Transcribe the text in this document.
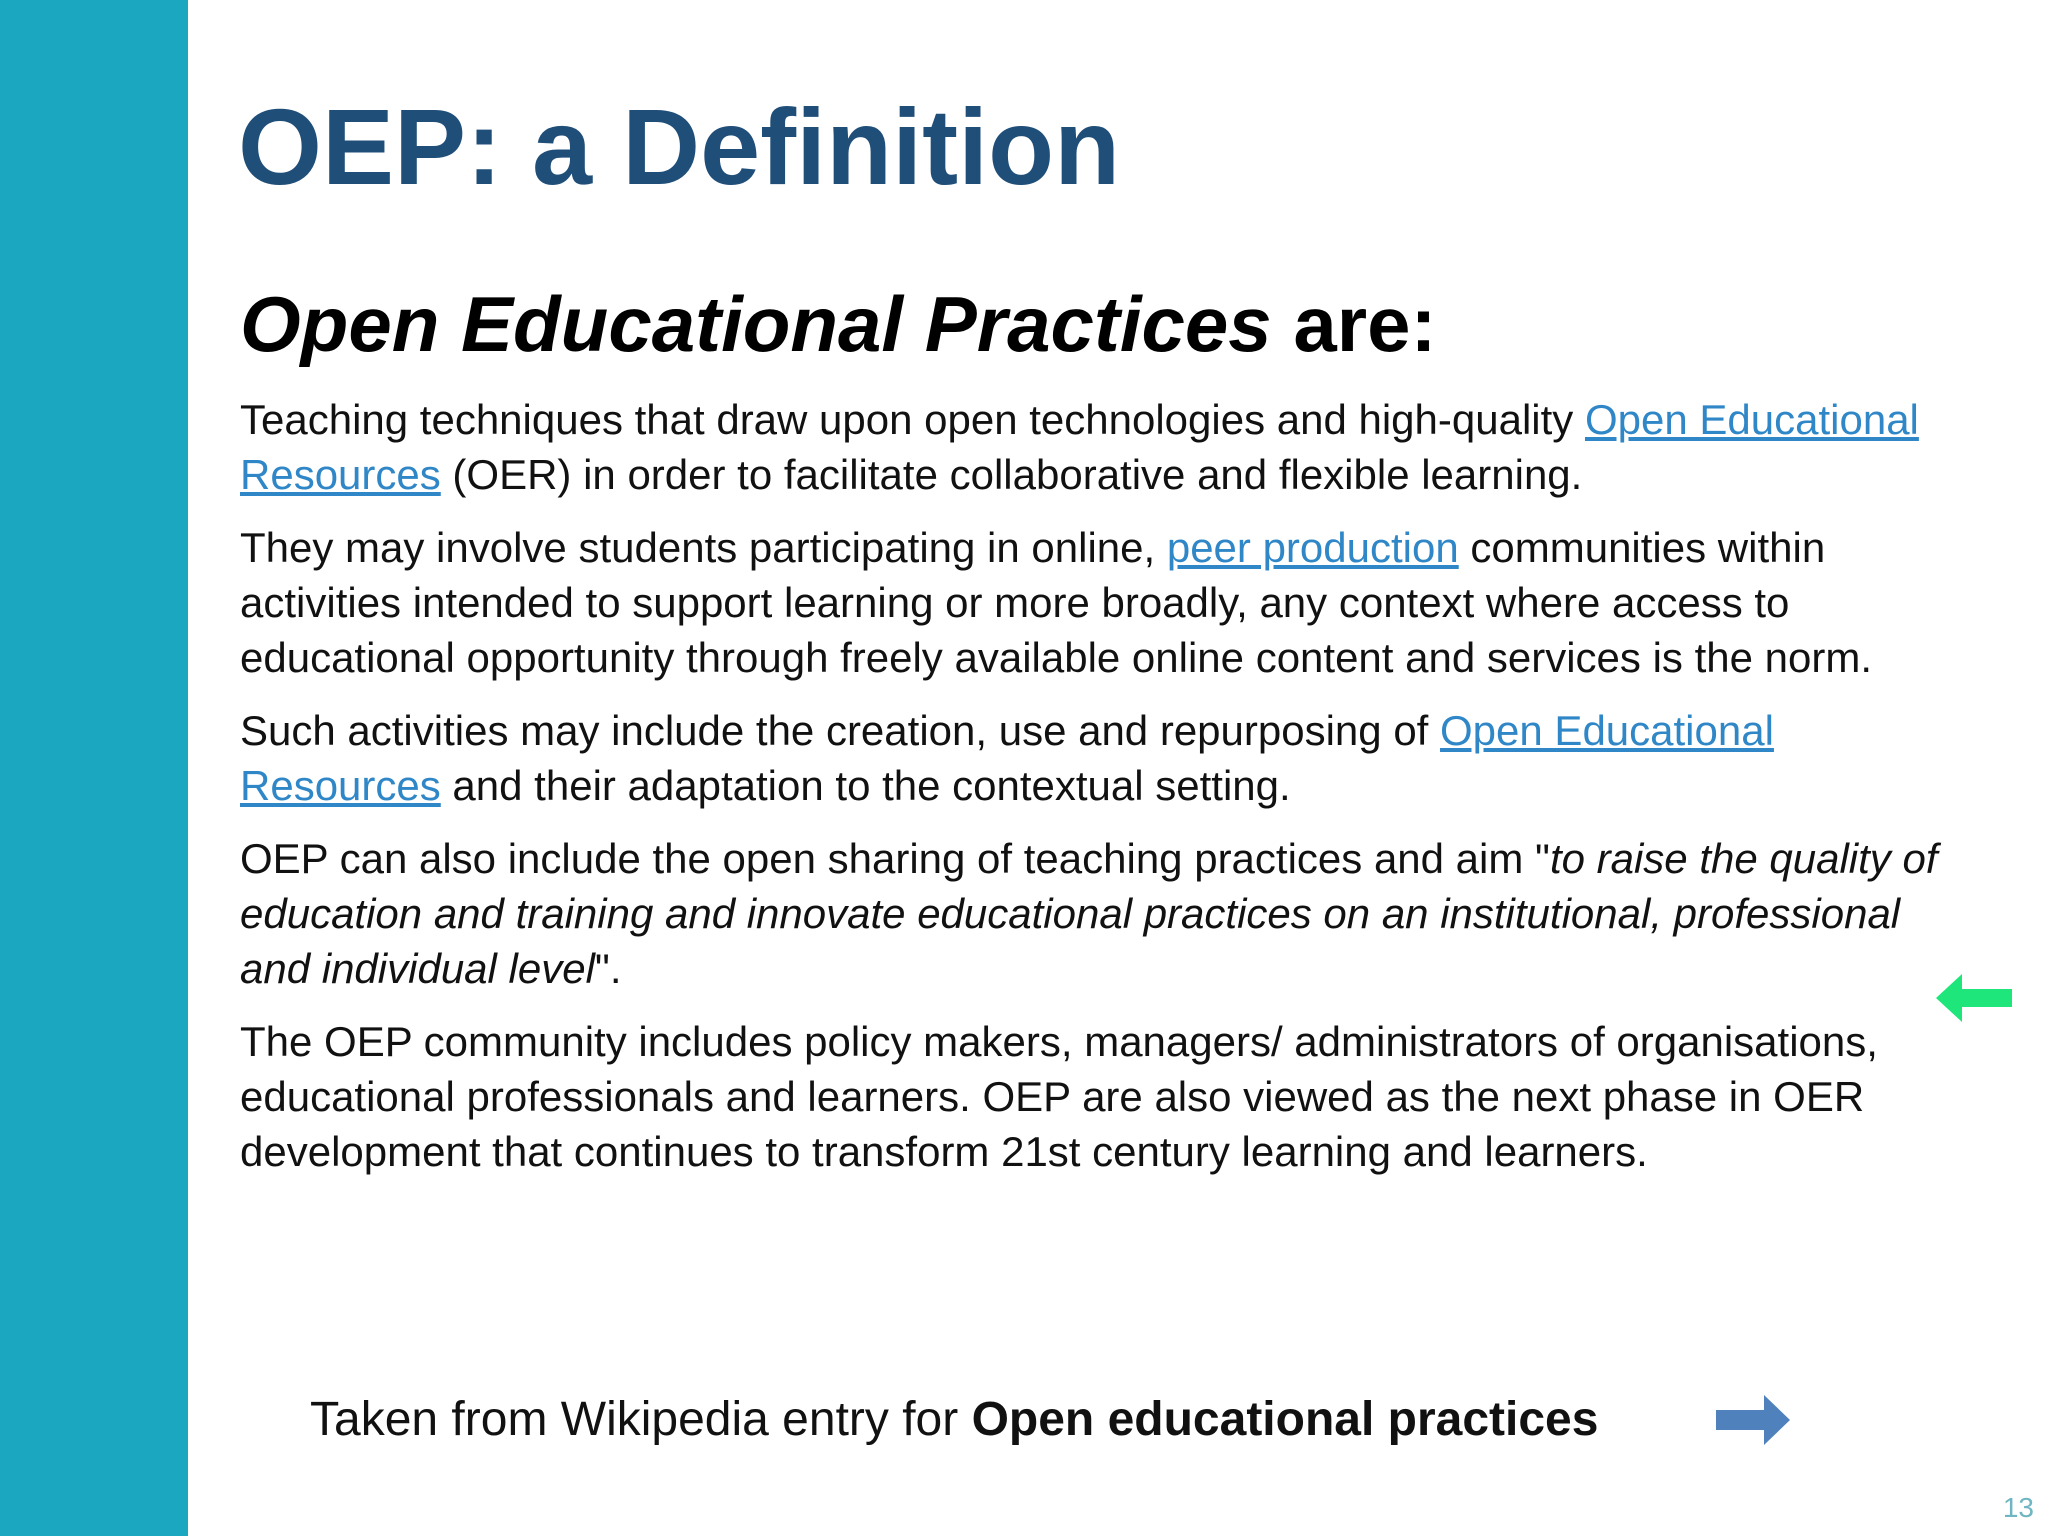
OEP: a Definition
Open Educational Practices are:

Teaching techniques that draw upon open technologies and high-quality Open Educational Resources (OER) in order to facilitate collaborative and flexible learning.

They may involve students participating in online, peer production communities within activities intended to support learning or more broadly, any context where access to educational opportunity through freely available online content and services is the norm.

Such activities may include the creation, use and repurposing of Open Educational Resources and their adaptation to the contextual setting.

OEP can also include the open sharing of teaching practices and aim "to raise the quality of education and training and innovate educational practices on an institutional, professional and individual level".

The OEP community includes policy makers, managers/ administrators of organisations, educational professionals and learners. OEP are also viewed as the next phase in OER development that continues to transform 21st century learning and learners.

Taken from Wikipedia entry for Open educational practices
13
